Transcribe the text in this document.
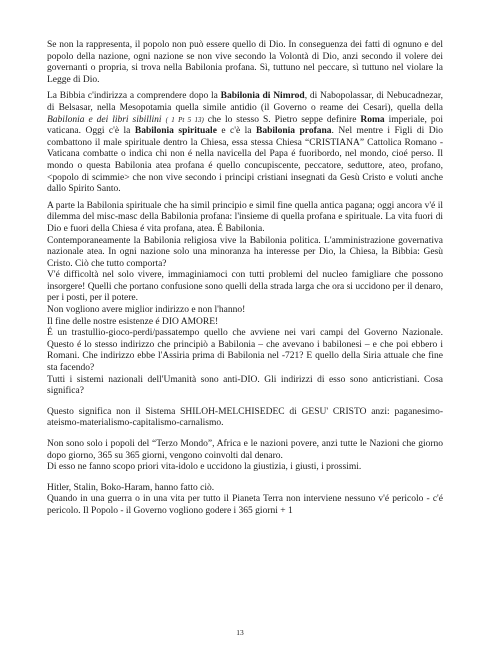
Se non la rappresenta, il popolo non può essere quello di Dio. In conseguenza dei fatti di ognuno e del popolo della nazione, ogni nazione se non vive secondo la Volontà di Dio, anzi secondo il volere dei governanti o propria, si trova nella Babilonia profana. Sì, tuttuno nel peccare, sì tuttuno nel violare la Legge di Dio.

La Bibbia c'indirizza a comprendere dopo la Babilonia di Nimrod, di Nabopolassar, di Nebucadnezar, di Belsasar, nella Mesopotamia quella simile antidio (il Governo o reame dei Cesari), quella della Babilonia e dei libri sibillini ( 1 Pt 5 13) che lo stesso S. Pietro seppe definire Roma imperiale, poi vaticana. Oggi c'è la Babilonia spirituale e c'è la Babilonia profana. Nel mentre i Figli di Dio combattono il male spirituale dentro la Chiesa, essa stessa Chiesa “CRISTIANA” Cattolica Romano - Vaticana combatte o indica chi non é nella navicella del Papa é fuoribordo, nel mondo, cioé perso. Il mondo o questa Babilonia atea profana é quello concupiscente, peccatore, seduttore, ateo, profano, <popolo di scimmie> che non vive secondo i principi cristiani insegnati da Gesù Cristo e voluti anche dallo Spirito Santo.

A parte la Babilonia spirituale che ha simil principio e simil fine quella antica pagana; oggi ancora v'é il dilemma del misc-masc della Babilonia profana: l'insieme di quella profana e spirituale. La vita fuori di Dio e fuori della Chiesa é vita profana, atea. É Babilonia.

Contemporaneamente la Babilonia religiosa vive la Babilonia politica. L'amministrazione governativa nazionale atea. In ogni nazione solo una minoranza ha interesse per Dio, la Chiesa, la Bibbia: Gesù Cristo. Ciò che tutto comporta?

V'é difficoltà nel solo vivere, immaginiamoci con tutti problemi del nucleo famigliare che possono insorgere! Quelli che portano confusione sono quelli della strada larga che ora si uccidono per il denaro, per i posti, per il potere.

Non vogliono avere miglior indirizzo e non l'hanno!

Il fine delle nostre esistenze é DIO AMORE!

É un trastullio-gioco-perdi/passatempo quello che avviene nei vari campi del Governo Nazionale. Questo é lo stesso indirizzo che principiò a Babilonia – che avevano i babilonesi – e che poi ebbero i Romani. Che indirizzo ebbe l'Assiria prima di Babilonia nel -721? E quello della Siria attuale che fine sta facendo?

Tutti i sistemi nazionali dell'Umanità sono anti-DIO. Gli indirizzi di esso sono anticristiani. Cosa significa?

Questo significa non il Sistema SHILOH-MELCHISEDEC di GESU' CRISTO anzi: paganesimo-ateismo-materialismo-capitalismo-carnalismo.

Non sono solo i popoli del “Terzo Mondo”, Africa e le nazioni povere, anzi tutte le Nazioni che giorno dopo giorno, 365 su 365 giorni, vengono coinvolti dal denaro.

Di esso ne fanno scopo priori vita-idolo e uccidono la giustizia, i giusti, i prossimi.

Hitler, Stalin, Boko-Haram, hanno fatto ciò.

Quando in una guerra o in una vita per tutto il Pianeta Terra non interviene nessuno v'é pericolo - c'é pericolo. Il Popolo - il Governo vogliono godere i 365 giorni + 1

13
